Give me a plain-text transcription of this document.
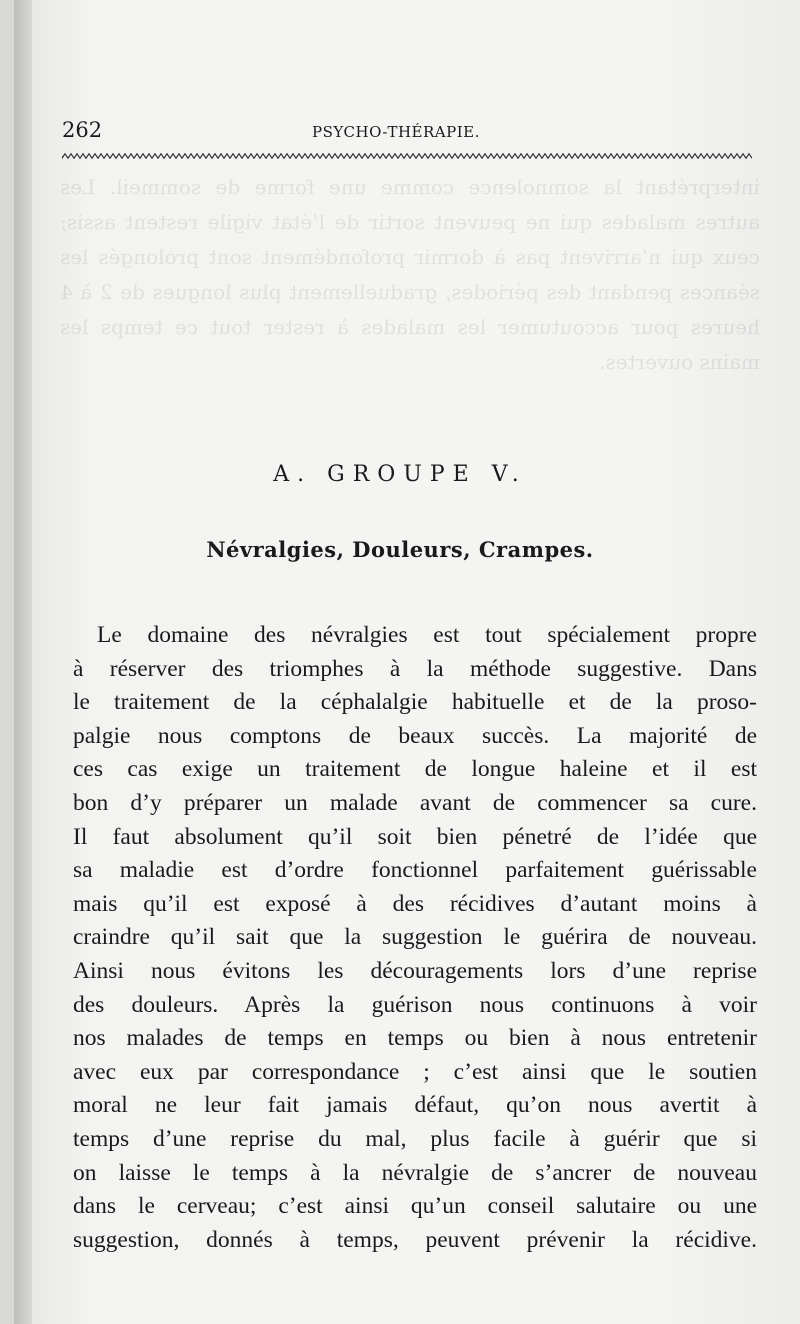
interprétant la somnolence comme une forme de sommeil. Les autres malades qui ne peuvent sortir de l’état vigile restent assis; ceux qui n’arrivent pas à dormir profondément sont prolongés les séances pendant des périodes, graduellement plus longues de 2 à 4 heures pour accoutumer les malades à rester tout ce temps les mains ouvertes.
262	PSYCHO-THÉRAPIE.
A. GROUPE V.
Névralgies, Douleurs, Crampes.
Le domaine des névralgies est tout spécialement propre
à réserver des triomphes à la méthode suggestive. Dans
le traitement de la céphalalgie habituelle et de la proso-
palgie nous comptons de beaux succès. La majorité de
ces cas exige un traitement de longue haleine et il est
bon d’y préparer un malade avant de commencer sa cure.
Il faut absolument qu’il soit bien pénetré de l’idée que
sa maladie est d’ordre fonctionnel parfaitement guérissable
mais qu’il est exposé à des récidives d’autant moins à
craindre qu’il sait que la suggestion le guérira de nouveau.
Ainsi nous évitons les découragements lors d’une reprise
des douleurs. Après la guérison nous continuons à voir
nos malades de temps en temps ou bien à nous entretenir
avec eux par correspondance ; c’est ainsi que le soutien
moral ne leur fait jamais défaut, qu’on nous avertit à
temps d’une reprise du mal, plus facile à guérir que si
on laisse le temps à la névralgie de s’ancrer de nouveau
dans le cerveau; c’est ainsi qu’un conseil salutaire ou une
suggestion, donnés à temps, peuvent prévenir la récidive.
